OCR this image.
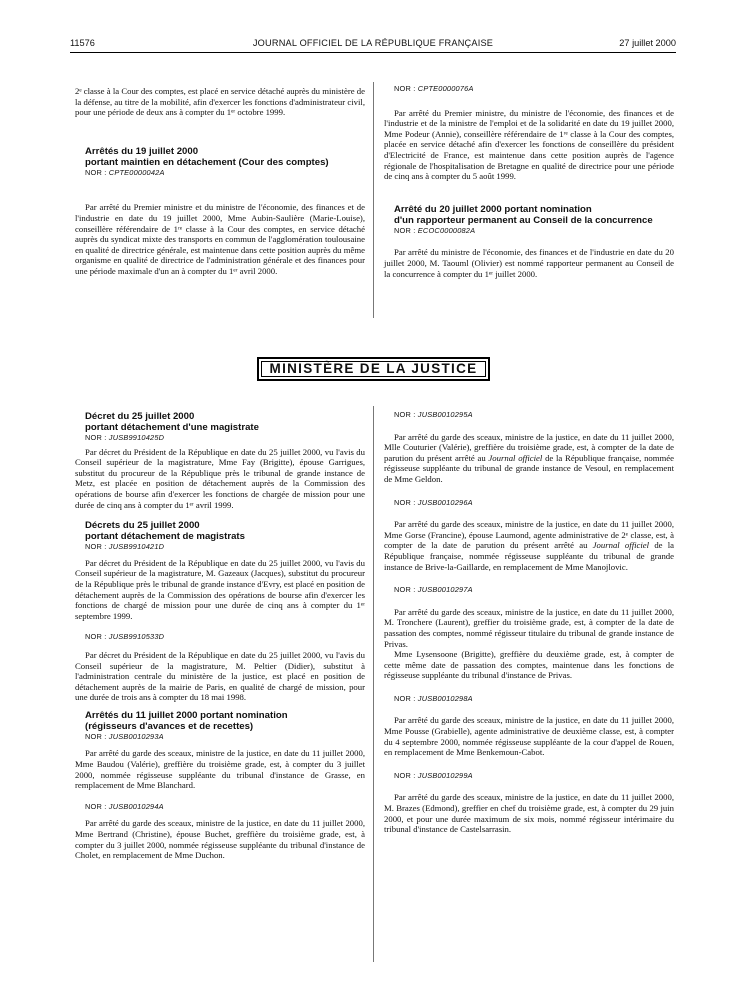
11576	JOURNAL OFFICIEL DE LA RÉPUBLIQUE FRANÇAISE	27 juillet 2000

2ᵉ classe à la Cour des comptes, est placé en service détaché auprès du ministère de la défense, au titre de la mobilité, afin d'exercer les fonctions d'administrateur civil, pour une période de deux ans à compter du 1ᵉʳ octobre 1999.

Arrêtés du 19 juillet 2000

portant maintien en détachement (Cour des comptes)

NOR : CPTE0000042A

Par arrêté du Premier ministre et du ministre de l'économie, des finances et de l'industrie en date du 19 juillet 2000, Mme Aubin-Saulière (Marie-Louise), conseillère référendaire de 1ʳᵉ classe à la Cour des comptes, en service détaché auprès du syndicat mixte des transports en commun de l'agglomération toulousaine en qualité de directrice générale, est maintenue dans cette position auprès du même organisme en qualité de directrice de l'administration générale et des finances pour une période maximale d'un an à compter du 1ᵉʳ avril 2000.

NOR : CPTE0000076A

Par arrêté du Premier ministre, du ministre de l'économie, des finances et de l'industrie et de la ministre de l'emploi et de la solidarité en date du 19 juillet 2000, Mme Podeur (Annie), conseillère référendaire de 1ʳᵉ classe à la Cour des comptes, placée en service détaché afin d'exercer les fonctions de conseillère du président d'Electricité de France, est maintenue dans cette position auprès de l'agence régionale de l'hospitalisation de Bretagne en qualité de directrice pour une période de cinq ans à compter du 5 août 1999.

Arrêté du 20 juillet 2000 portant nomination

d'un rapporteur permanent au Conseil de la concurrence

NOR : ECOC0000082A

Par arrêté du ministre de l'économie, des finances et de l'industrie en date du 20 juillet 2000, M. Taouml (Olivier) est nommé rapporteur permanent au Conseil de la concurrence à compter du 1ᵉʳ juillet 2000.

MINISTÈRE DE LA JUSTICE

Décret du 25 juillet 2000

portant détachement d'une magistrate

NOR : JUSB9910425D

Par décret du Président de la République en date du 25 juillet 2000, vu l'avis du Conseil supérieur de la magistrature, Mme Fay (Brigitte), épouse Garrigues, substitut du procureur de la République près le tribunal de grande instance de Metz, est placée en position de détachement auprès de la Commission des opérations de bourse afin d'exercer les fonctions de chargée de mission pour une durée de cinq ans à compter du 1ᵉʳ avril 1999.

Décrets du 25 juillet 2000

portant détachement de magistrats

NOR : JUSB9910421D

Par décret du Président de la République en date du 25 juillet 2000, vu l'avis du Conseil supérieur de la magistrature, M. Gazeaux (Jacques), substitut du procureur de la République près le tribunal de grande instance d'Evry, est placé en position de détachement auprès de la Commission des opérations de bourse afin d'exercer les fonctions de chargé de mission pour une durée de cinq ans à compter du 1ᵉʳ septembre 1999.

NOR : JUSB9910533D

Par décret du Président de la République en date du 25 juillet 2000, vu l'avis du Conseil supérieur de la magistrature, M. Peltier (Didier), substitut à l'administration centrale du ministère de la justice, est placé en position de détachement auprès de la mairie de Paris, en qualité de chargé de mission, pour une durée de trois ans à compter du 18 mai 1998.

Arrêtés du 11 juillet 2000 portant nomination

(régisseurs d'avances et de recettes)

NOR : JUSB0010293A

Par arrêté du garde des sceaux, ministre de la justice, en date du 11 juillet 2000, Mme Baudou (Valérie), greffière du troisième grade, est, à compter du 3 juillet 2000, nommée régisseuse suppléante du tribunal d'instance de Grasse, en remplacement de Mme Blanchard.

NOR : JUSB0010294A

Par arrêté du garde des sceaux, ministre de la justice, en date du 11 juillet 2000, Mme Bertrand (Christine), épouse Buchet, greffière du troisième grade, est, à compter du 3 juillet 2000, nommée régisseuse suppléante du tribunal d'instance de Cholet, en remplacement de Mme Duchon.

NOR : JUSB0010295A

Par arrêté du garde des sceaux, ministre de la justice, en date du 11 juillet 2000, Mlle Couturier (Valérie), greffière du troisième grade, est, à compter de la date de parution du présent arrêté au Journal officiel de la République française, nommée régisseuse suppléante du tribunal de grande instance de Vesoul, en remplacement de Mme Geldon.

NOR : JUSB0010296A

Par arrêté du garde des sceaux, ministre de la justice, en date du 11 juillet 2000, Mme Gorse (Francine), épouse Laumond, agente administrative de 2ᵉ classe, est, à compter de la date de parution du présent arrêté au Journal officiel de la République française, nommée régisseuse suppléante du tribunal de grande instance de Brive-la-Gaillarde, en remplacement de Mme Manojlovic.

NOR : JUSB0010297A

Par arrêté du garde des sceaux, ministre de la justice, en date du 11 juillet 2000, M. Tronchere (Laurent), greffier du troisième grade, est, à compter de la date de passation des comptes, nommé régisseur titulaire du tribunal de grande instance de Privas.

Mme Lysensoone (Brigitte), greffière du deuxième grade, est, à compter de cette même date de passation des comptes, maintenue dans les fonctions de régisseuse suppléante du tribunal d'instance de Privas.

NOR : JUSB0010298A

Par arrêté du garde des sceaux, ministre de la justice, en date du 11 juillet 2000, Mme Pousse (Grabielle), agente administrative de deuxième classe, est, à compter du 4 septembre 2000, nommée régisseuse suppléante de la cour d'appel de Rouen, en remplacement de Mme Benkemoun-Cabot.

NOR : JUSB0010299A

Par arrêté du garde des sceaux, ministre de la justice, en date du 11 juillet 2000, M. Brazes (Edmond), greffier en chef du troisième grade, est, à compter du 29 juin 2000, et pour une durée maximum de six mois, nommé régisseur intérimaire du tribunal d'instance de Castelsarrasin.
